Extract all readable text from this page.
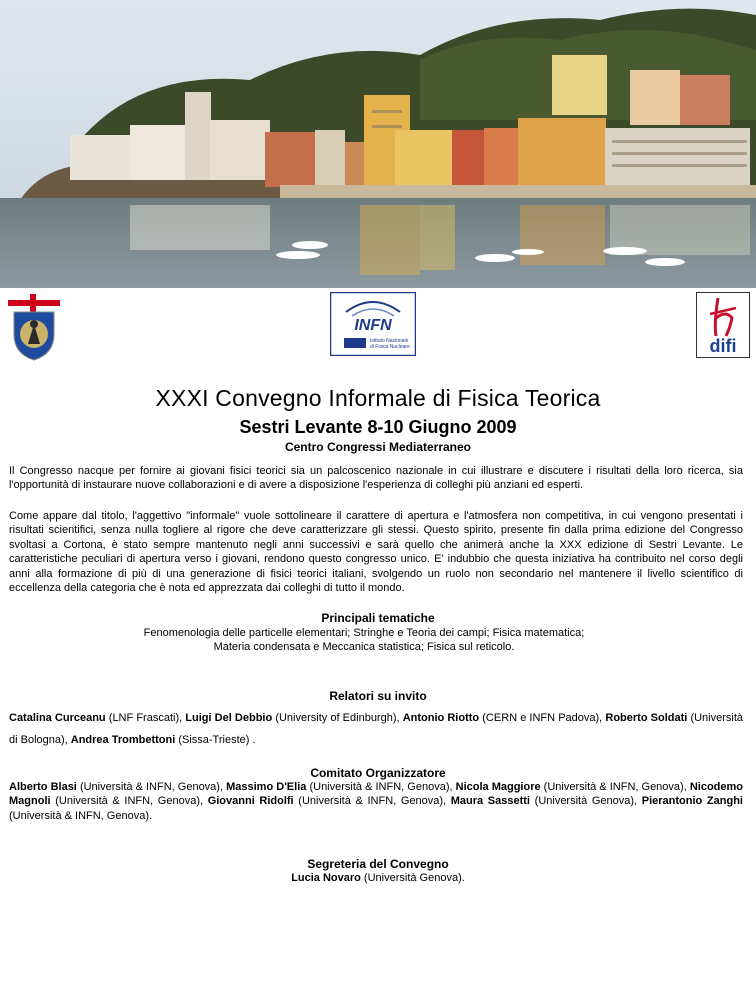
INFN
Istituto Nazionale
di Fisica Nucleare	difi
XXXI Convegno Informale di Fisica Teorica
Sestri Levante 8-10 Giugno 2009
Centro Congressi Mediaterraneo
Il Congresso nacque per fornire ai giovani fisici teorici sia un palcoscenico nazionale in cui illustrare e discutere i risultati della loro ricerca, sia l'opportunità di instaurare nuove collaborazioni e di avere a disposizione l'esperienza di colleghi più anziani ed esperti.
Come appare dal titolo, l'aggettivo "informale" vuole sottolineare il carattere di apertura e l'atmosfera non competitiva, in cui vengono presentati i risultati scientifici, senza nulla togliere al rigore che deve caratterizzare gli stessi. Questo spirito, presente fin dalla prima edizione del Congresso svoltasi a Cortona, è stato sempre mantenuto negli anni successivi e sarà quello che animerà anche la XXX edizione di Sestri Levante. Le caratteristiche peculiari di apertura verso i giovani, rendono questo congresso unico. E' indubbio che questa iniziativa ha contribuito nel corso degli anni alla formazione di più di una generazione di fisici teorici italiani, svolgendo un ruolo non secondario nel mantenere il livello scientifico di eccellenza della categoria che è nota ed apprezzata dai colleghi di tutto il mondo.
Principali tematiche
Fenomenologia delle particelle elementari; Stringhe e Teoria dei campi; Fisica matematica;
Materia condensata e Meccanica statistica; Fisica sul reticolo.
Relatori su invito
Catalina Curceanu (LNF Frascati), Luigi Del Debbio (University of Edinburgh), Antonio Riotto (CERN e INFN Padova), Roberto Soldati (Università di Bologna), Andrea Trombettoni (Sissa-Trieste) .
Comitato Organizzatore
Alberto Blasi (Università & INFN, Genova), Massimo D'Elia (Università & INFN, Genova), Nicola Maggiore (Università & INFN, Genova), Nicodemo Magnoli (Università & INFN, Genova), Giovanni Ridolfi (Università & INFN, Genova), Maura Sassetti (Università Genova), Pierantonio Zanghi (Università & INFN, Genova).
Segreteria del Convegno
Lucia Novaro (Università Genova).
